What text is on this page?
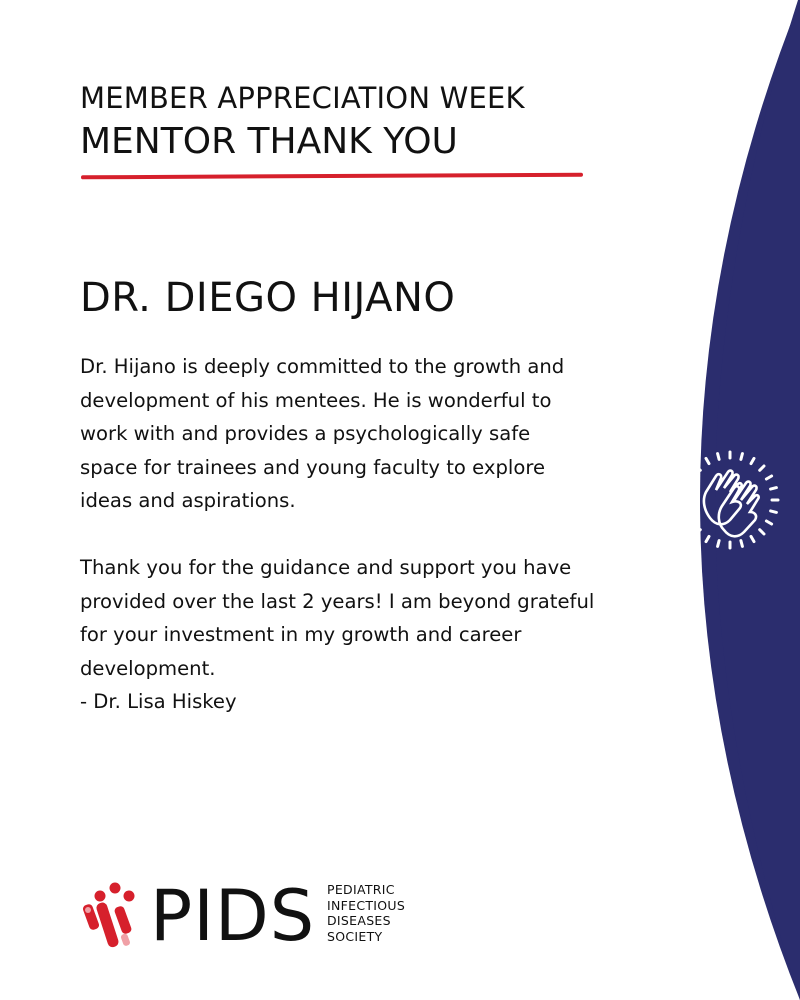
MEMBER APPRECIATION WEEK
MENTOR THANK YOU
DR. DIEGO HIJANO

Dr. Hijano is deeply committed to the growth and

development of his mentees. He is wonderful to

work with and provides a psychologically safe

space for trainees and young faculty to explore

ideas and aspirations.

Thank you for the guidance and support you have

provided over the last 2 years! I am beyond grateful

for your investment in my growth and career

development.

- Dr. Lisa Hiskey

PIDS PEDIATRIC
INFECTIOUS
DISEASES
SOCIETY
